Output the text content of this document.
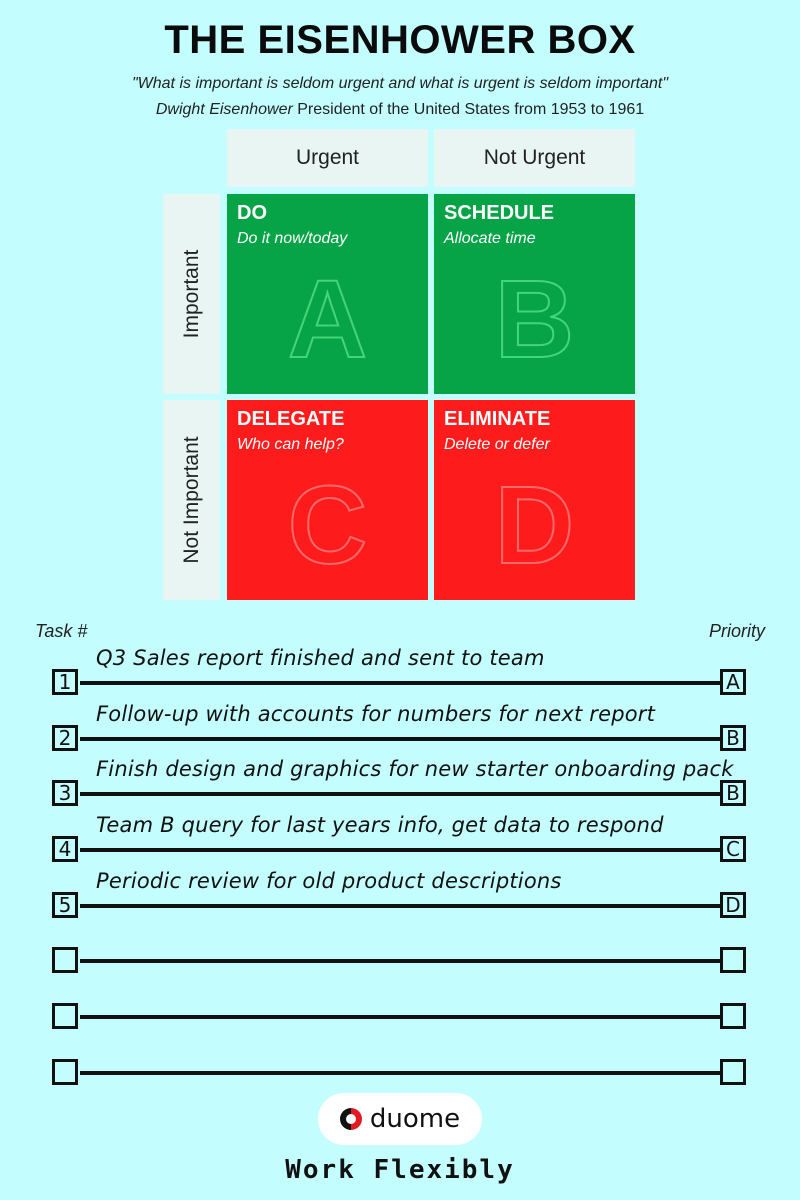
THE EISENHOWER BOX
"What is important is seldom urgent and what is urgent is seldom important"
Dwight Eisenhower President of the United States from 1953 to 1961
Urgent	Not Urgent
Important
Not Important
DO
Do it now/today
A
SCHEDULE
Allocate time
B
DELEGATE
Who can help?
C
ELIMINATE
Delete or defer
D
Task #	Priority
1
Q3 Sales report finished and sent to team
A
2
Follow-up with accounts for numbers for next report
B
3
Finish design and graphics for new starter onboarding pack
B
4
Team B query for last years info, get data to respond
C
5
Periodic review for old product descriptions
D
duome
Work Flexibly
